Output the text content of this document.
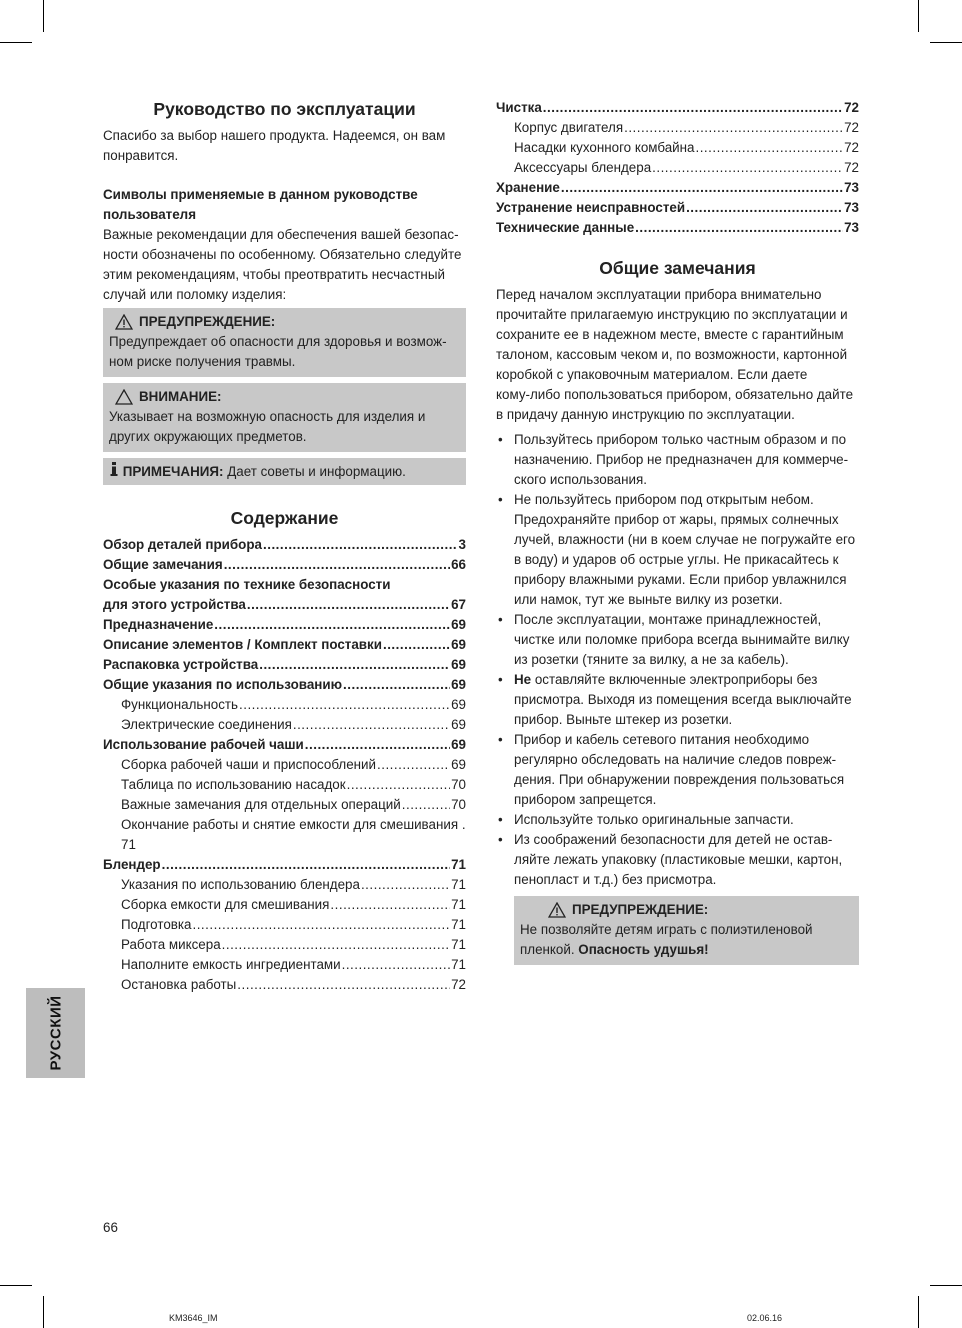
Руководство по эксплуатации

Спасибо за выбор нашего продукта. Надеемся, он вам
понравится.

Символы применяемые в данном руководстве
пользователя

Важные рекомендации для обеспечения вашей безопас-
ности обозначены по особенному. Обязательно следуйте
этим рекомендациям, чтобы преотвратить несчастный
случай или поломку изделия:

ПРЕДУПРЕЖДЕНИЕ:
Предупреждает об опасности для здоровья и возмож-
ном риске получения травмы.
ВНИМАНИЕ:
Указывает на возможную опасность для изделия и
других окружающих предметов.
ПРИМЕЧАНИЯ: Дает советы и информацию.
Содержание
Обзор деталей прибора .....	3
Общие замечания .....	66
Особые указания по технике безопасности
для этого устройства .....	67
Предназначение .....	69
Описание элементов / Комплект поставки .....	69
Распаковка устройства .....	69
Общие указания по использованию .....	69
Функциональность .....	69
Электрические соединения .....	69
Использование рабочей чаши .....	69
Сборка рабочей чаши и приспособлений .....	69
Таблица по использованию насадок .....	70
Важные замечания для отдельных операций .....	70
Окончание работы и снятие емкости для смешивания .
71
Блендер .....	71
Указания по использованию блендера .....	71
Сборка емкости для смешивания .....	71
Подготовка .....	71
Работа миксера .....	71
Наполните емкость ингредиентами .....	71
Остановка работы .....	72
Чистка .....	72
Корпус двигателя .....	72
Насадки кухонного комбайна .....	72
Аксессуары блендера .....	72
Хранение .....	73
Устранение неисправностей .....	73
Технические данные .....	73
Общие замечания

Перед началом эксплуатации прибора внимательно
прочитайте прилагаемую инструкцию по эксплуатации и
сохраните ее в надежном месте, вместе с гарантийным
талоном, кассовым чеком и, по возможности, картонной
коробкой с упаковочным материалом. Если даете
кому-либо попользоваться прибором, обязательно дайте
в придачу данную инструкцию по эксплуатации.

• Пользуйтесь прибором только частным образом и по
назначению. Прибор не предназначен для коммерче-
ского использования.
• Не пользуйтесь прибором под открытым небом.
Предохраняйте прибор от жары, прямых солнечных
лучей, влажности (ни в коем случае не погружайте его
в воду) и ударов об острые углы. Не прикасайтесь к
прибору влажными руками. Если прибор увлажнился
или намок, тут же выньте вилку из розетки.
• После эксплуатации, монтаже принадлежностей,
чистке или поломке прибора всегда вынимайте вилку
из розетки (тяните за вилку, а не за кабель).
• Не оставляйте включенные электроприборы без
присмотра. Выходя из помещения всегда выключайте
прибор. Выньте штекер из розетки.
• Прибор и кабель сетевого питания необходимо
регулярно обследовать на наличие следов повреж-
дения. При обнаружении повреждения пользоваться
прибором запрещется.
• Используйте только оригинальные запчасти.
• Из соображений безопасности для детей не остав-
ляйте лежать упаковку (пластиковые мешки, картон,
пенопласт и т.д.) без присмотра.
ПРЕДУПРЕЖДЕНИЕ:
Не позволяйте детям играть с полиэтиленовой
пленкой. Опасность удушья!
РУССКИЙ
66
KM3646_IM	02.06.16
